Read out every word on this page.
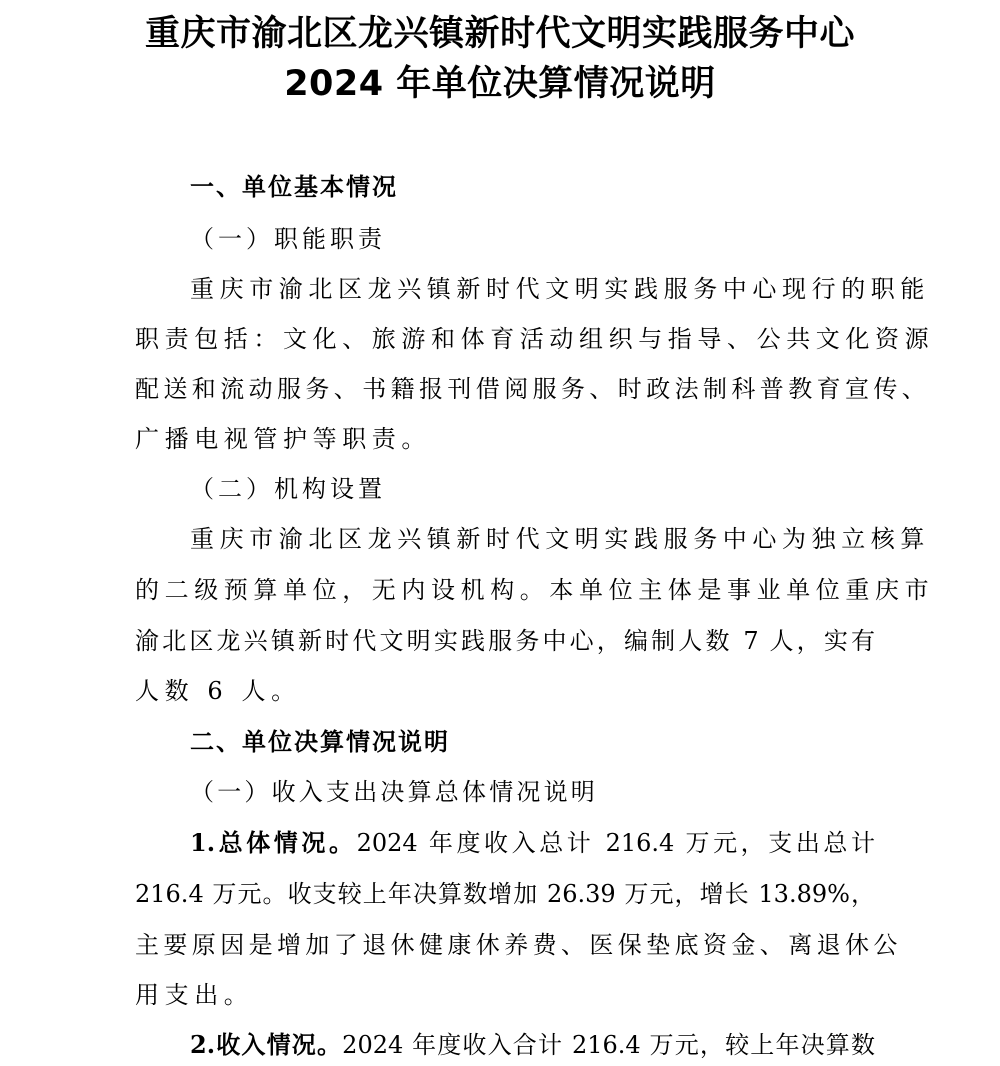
重庆市渝北区龙兴镇新时代文明实践服务中心
2024 年单位决算情况说明
一、单位基本情况
（一）职能职责
重庆市渝北区龙兴镇新时代文明实践服务中心现行的职能
职责包括：文化、旅游和体育活动组织与指导、公共文化资源
配送和流动服务、书籍报刊借阅服务、时政法制科普教育宣传、
广播电视管护等职责。
（二）机构设置
重庆市渝北区龙兴镇新时代文明实践服务中心为独立核算
的二级预算单位，无内设机构。本单位主体是事业单位重庆市
渝北区龙兴镇新时代文明实践服务中心，编制人数 7 人，实有
人数 6 人。
二、单位决算情况说明
（一）收入支出决算总体情况说明
1.总体情况。2024 年度收入总计 216.4 万元，支出总计
216.4 万元。收支较上年决算数增加 26.39 万元，增长 13.89%，
主要原因是增加了退休健康休养费、医保垫底资金、离退休公
用支出。
2.收入情况。2024 年度收入合计 216.4 万元，较上年决算数
